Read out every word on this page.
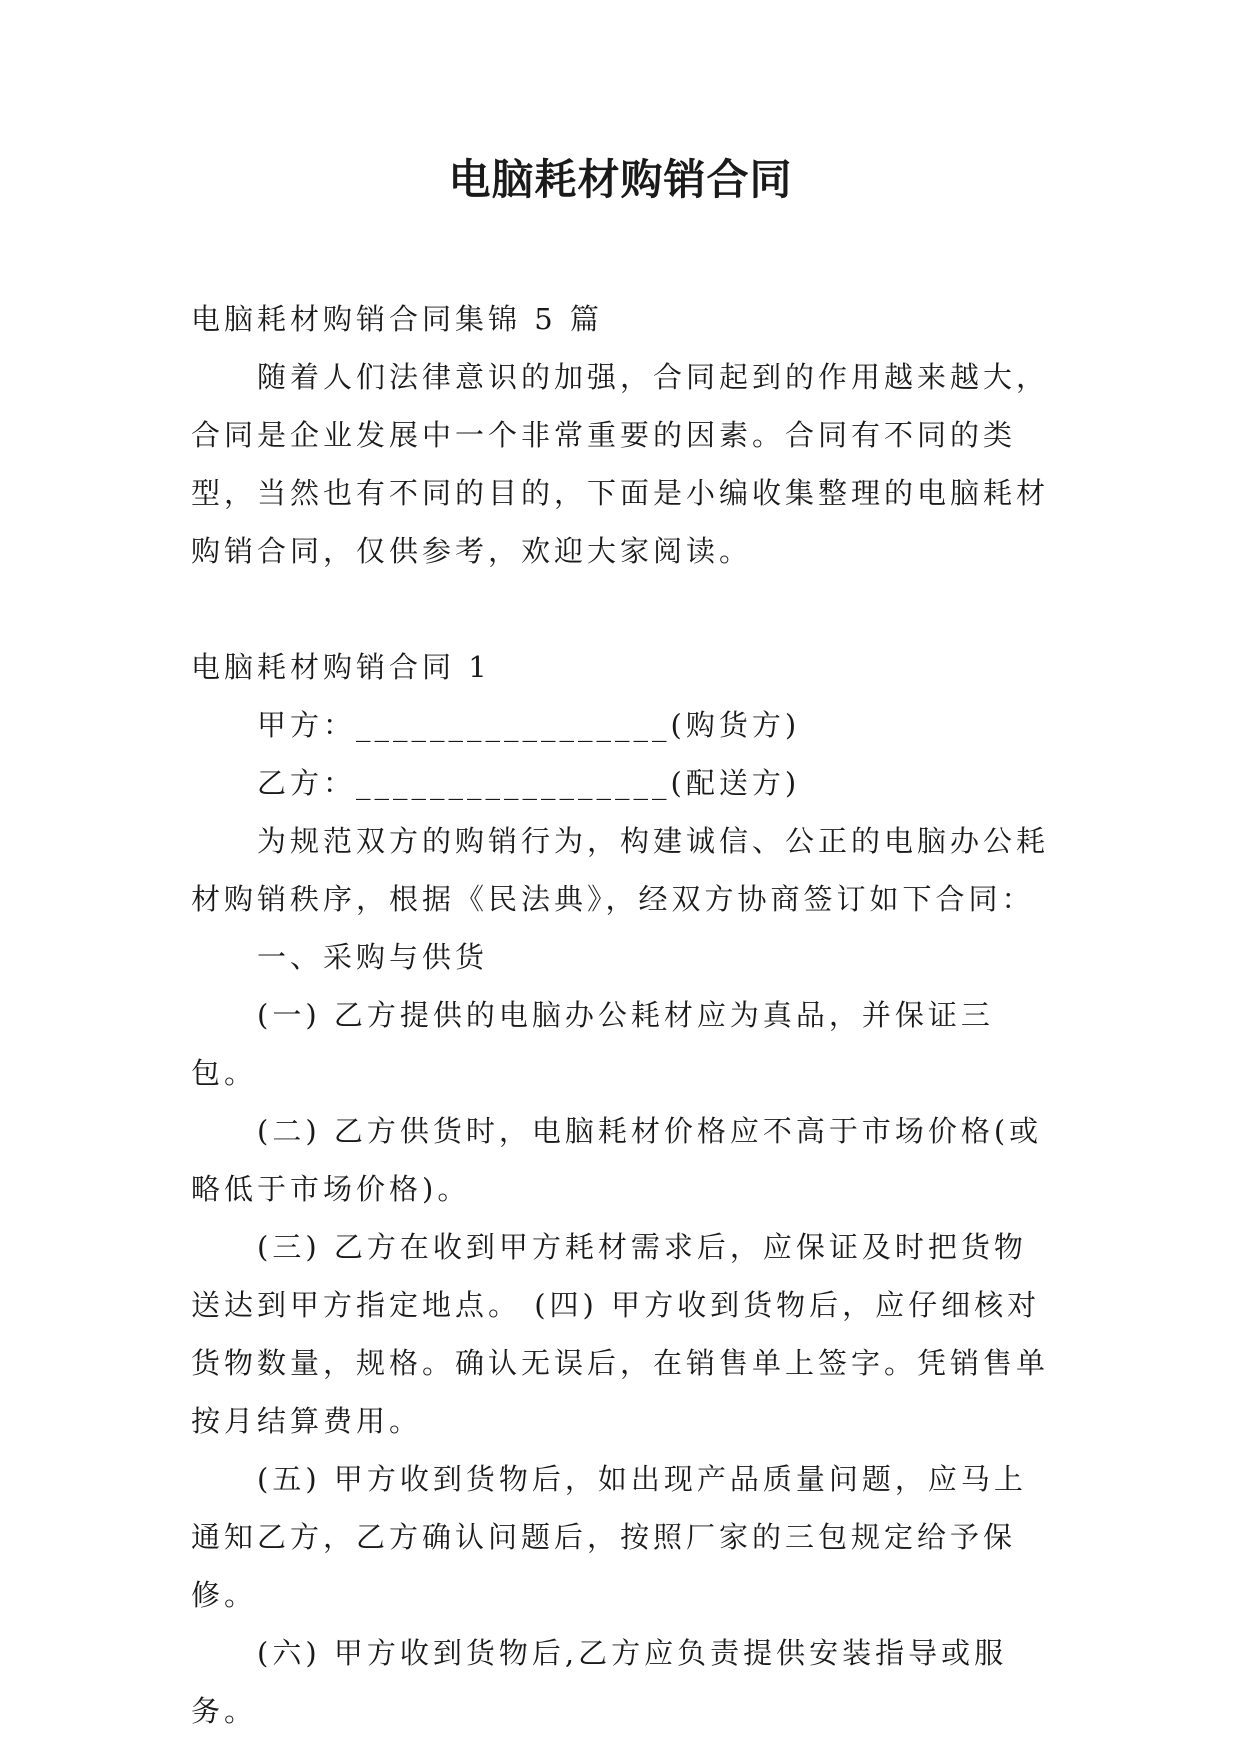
电脑耗材购销合同

电脑耗材购销合同集锦 5 篇

随着人们法律意识的加强，合同起到的作用越来越大，合同是企业发展中一个非常重要的因素。合同有不同的类型，当然也有不同的目的，下面是小编收集整理的电脑耗材购销合同，仅供参考，欢迎大家阅读。

电脑耗材购销合同 1

甲方：_________________(购货方)

乙方：_________________(配送方)

为规范双方的购销行为，构建诚信、公正的电脑办公耗材购销秩序，根据《民法典》，经双方协商签订如下合同：

一、采购与供货

(一) 乙方提供的电脑办公耗材应为真品，并保证三包。

(二) 乙方供货时，电脑耗材价格应不高于市场价格(或略低于市场价格)。

(三) 乙方在收到甲方耗材需求后，应保证及时把货物送达到甲方指定地点。 (四) 甲方收到货物后，应仔细核对货物数量，规格。确认无误后，在销售单上签字。凭销售单按月结算费用。

(五) 甲方收到货物后，如出现产品质量问题，应马上通知乙方，乙方确认问题后，按照厂家的三包规定给予保修。

(六) 甲方收到货物后,乙方应负责提供安装指导或服务。
